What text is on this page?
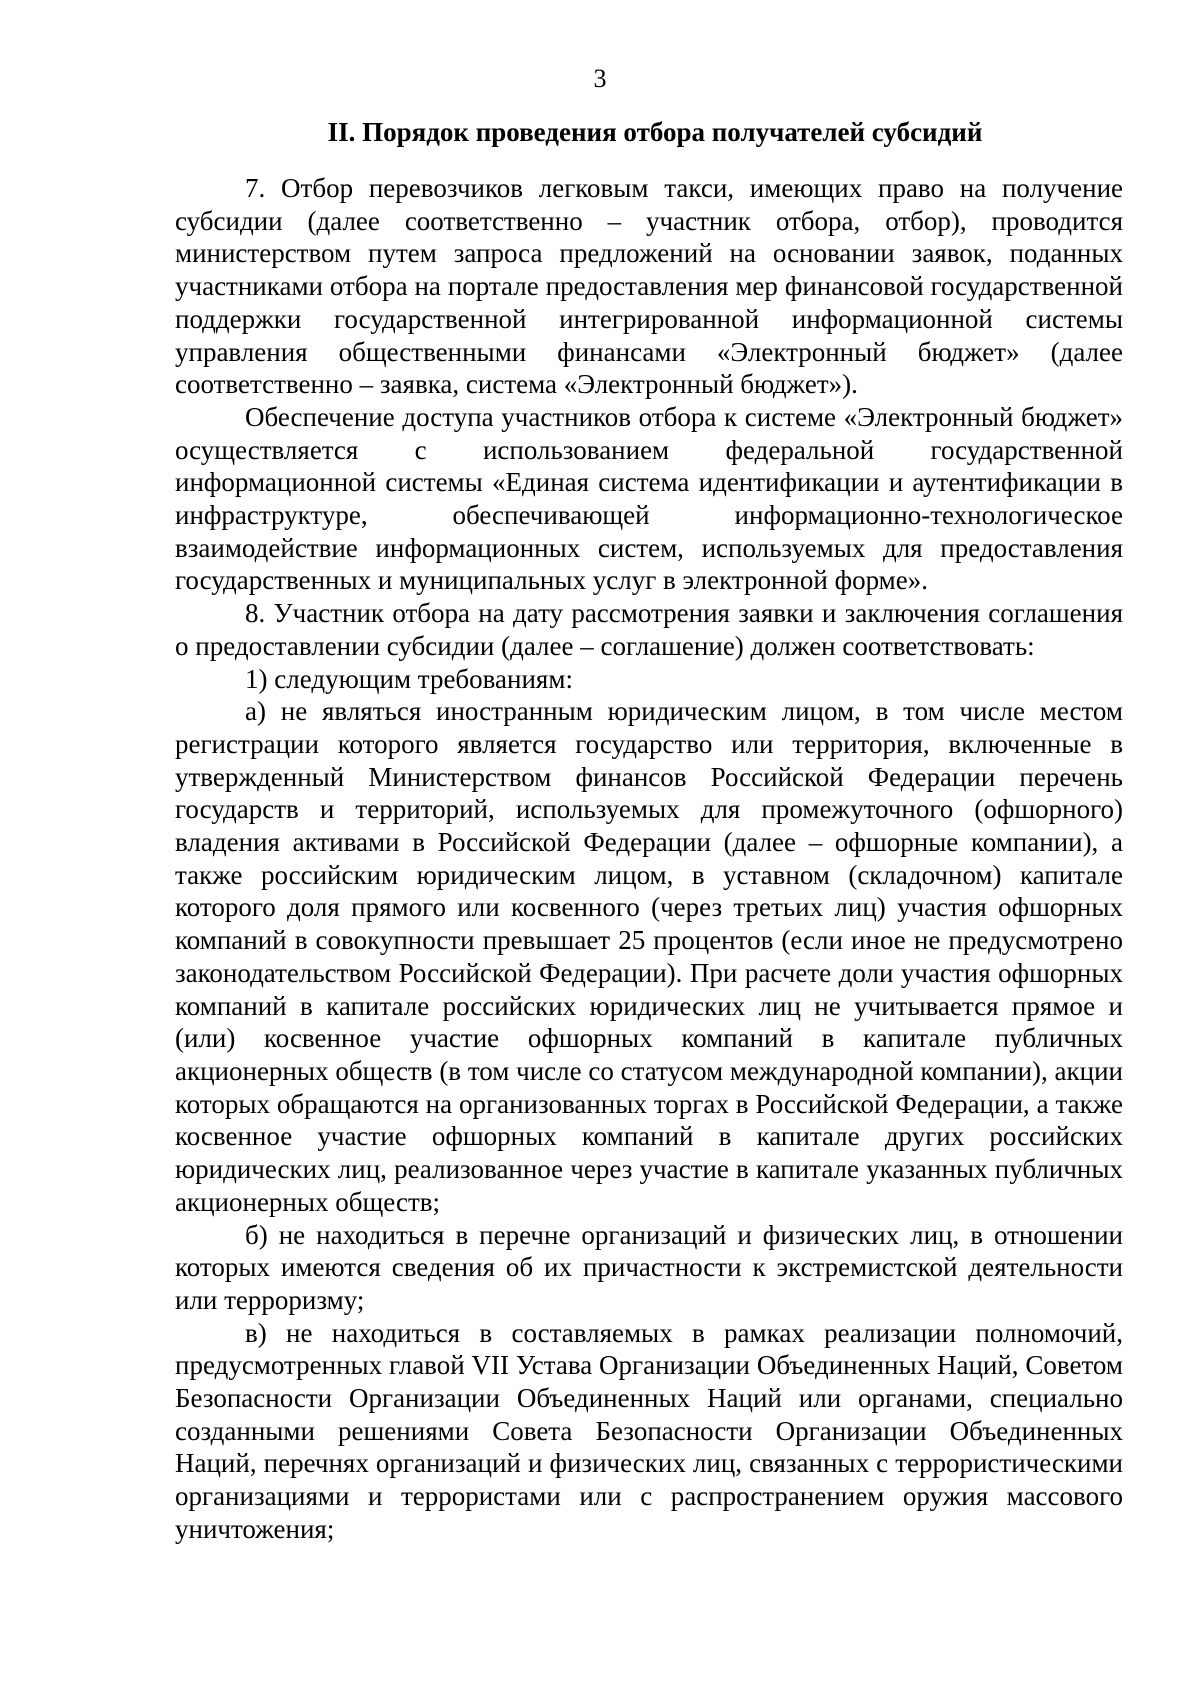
3
II. Порядок проведения отбора получателей субсидий

7. Отбор перевозчиков легковым такси, имеющих право на получение субсидии (далее соответственно – участник отбора, отбор), проводится министерством путем запроса предложений на основании заявок, поданных участниками отбора на портале предоставления мер финансовой государственной поддержки государственной интегрированной информационной системы управления общественными финансами «Электронный бюджет» (далее соответственно – заявка, система «Электронный бюджет»).

Обеспечение доступа участников отбора к системе «Электронный бюджет» осуществляется с использованием федеральной государственной информационной системы «Единая система идентификации и аутентификации в инфраструктуре, обеспечивающей информационно-технологическое взаимодействие информационных систем, используемых для предоставления государственных и муниципальных услуг в электронной форме».

8. Участник отбора на дату рассмотрения заявки и заключения соглашения о предоставлении субсидии (далее – соглашение) должен соответствовать:

1) следующим требованиям:

а) не являться иностранным юридическим лицом, в том числе местом регистрации которого является государство или территория, включенные в утвержденный Министерством финансов Российской Федерации перечень государств и территорий, используемых для промежуточного (офшорного) владения активами в Российской Федерации (далее – офшорные компании), а также российским юридическим лицом, в уставном (складочном) капитале которого доля прямого или косвенного (через третьих лиц) участия офшорных компаний в совокупности превышает 25 процентов (если иное не предусмотрено законодательством Российской Федерации). При расчете доли участия офшорных компаний в капитале российских юридических лиц не учитывается прямое и (или) косвенное участие офшорных компаний в капитале публичных акционерных обществ (в том числе со статусом международной компании), акции которых обращаются на организованных торгах в Российской Федерации, а также косвенное участие офшорных компаний в капитале других российских юридических лиц, реализованное через участие в капитале указанных публичных акционерных обществ;

б) не находиться в перечне организаций и физических лиц, в отношении которых имеются сведения об их причастности к экстремистской деятельности или терроризму;

в) не находиться в составляемых в рамках реализации полномочий, предусмотренных главой VII Устава Организации Объединенных Наций, Советом Безопасности Организации Объединенных Наций или органами, специально созданными решениями Совета Безопасности Организации Объединенных Наций, перечнях организаций и физических лиц, связанных с террористическими организациями и террористами или с распространением оружия массового уничтожения;
